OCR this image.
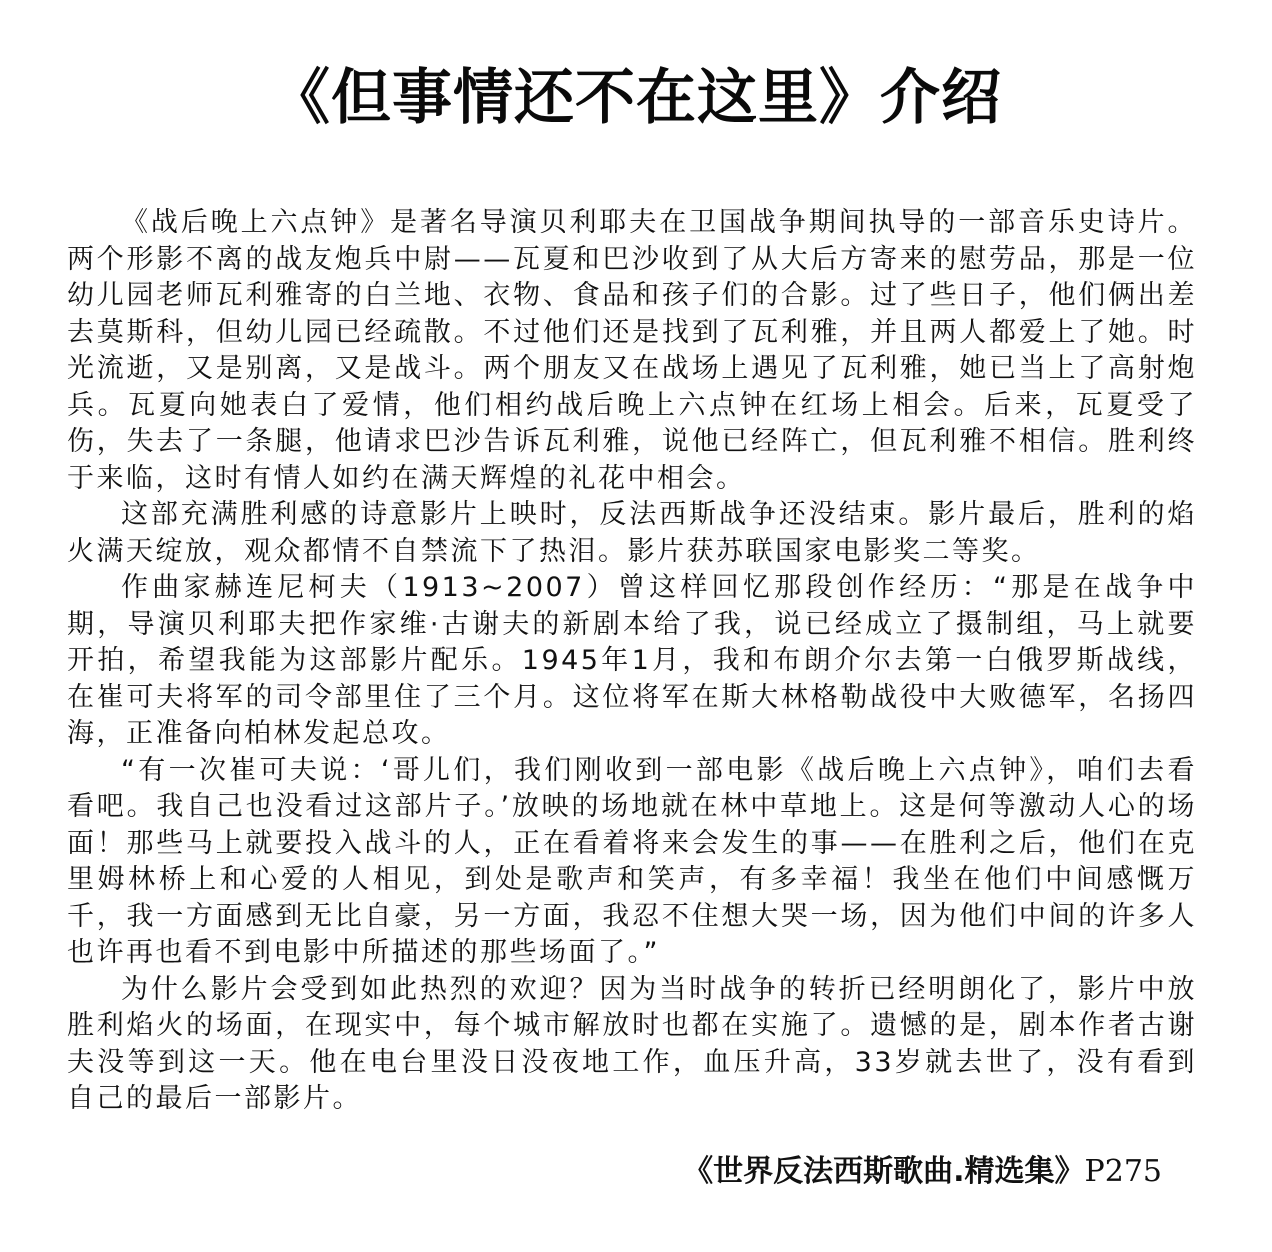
《但事情还不在这里》介绍

《战后晚上六点钟》是著名导演贝利耶夫在卫国战争期间执导的一部音乐史诗片。两个形影不离的战友炮兵中尉——瓦夏和巴沙收到了从大后方寄来的慰劳品，那是一位幼儿园老师瓦利雅寄的白兰地、衣物、食品和孩子们的合影。过了些日子，他们俩出差去莫斯科，但幼儿园已经疏散。不过他们还是找到了瓦利雅，并且两人都爱上了她。时光流逝，又是别离，又是战斗。两个朋友又在战场上遇见了瓦利雅，她已当上了高射炮兵。瓦夏向她表白了爱情，他们相约战后晚上六点钟在红场上相会。后来，瓦夏受了伤，失去了一条腿，他请求巴沙告诉瓦利雅，说他已经阵亡，但瓦利雅不相信。胜利终于来临，这时有情人如约在满天辉煌的礼花中相会。

这部充满胜利感的诗意影片上映时，反法西斯战争还没结束。影片最后，胜利的焰火满天绽放，观众都情不自禁流下了热泪。影片获苏联国家电影奖二等奖。

作曲家赫连尼柯夫（1913~2007）曾这样回忆那段创作经历：“那是在战争中期，导演贝利耶夫把作家维·古谢夫的新剧本给了我，说已经成立了摄制组，马上就要开拍，希望我能为这部影片配乐。1945年1月，我和布朗介尔去第一白俄罗斯战线，在崔可夫将军的司令部里住了三个月。这位将军在斯大林格勒战役中大败德军，名扬四海，正准备向柏林发起总攻。

“有一次崔可夫说：‘哥儿们，我们刚收到一部电影《战后晚上六点钟》，咱们去看看吧。我自己也没看过这部片子。’放映的场地就在林中草地上。这是何等激动人心的场面！那些马上就要投入战斗的人，正在看着将来会发生的事——在胜利之后，他们在克里姆林桥上和心爱的人相见，到处是歌声和笑声，有多幸福！我坐在他们中间感慨万千，我一方面感到无比自豪，另一方面，我忍不住想大哭一场，因为他们中间的许多人也许再也看不到电影中所描述的那些场面了。”

为什么影片会受到如此热烈的欢迎？因为当时战争的转折已经明朗化了，影片中放胜利焰火的场面，在现实中，每个城市解放时也都在实施了。遗憾的是，剧本作者古谢夫没等到这一天。他在电台里没日没夜地工作，血压升高，33岁就去世了，没有看到自己的最后一部影片。

《世界反法西斯歌曲.精选集》P275
